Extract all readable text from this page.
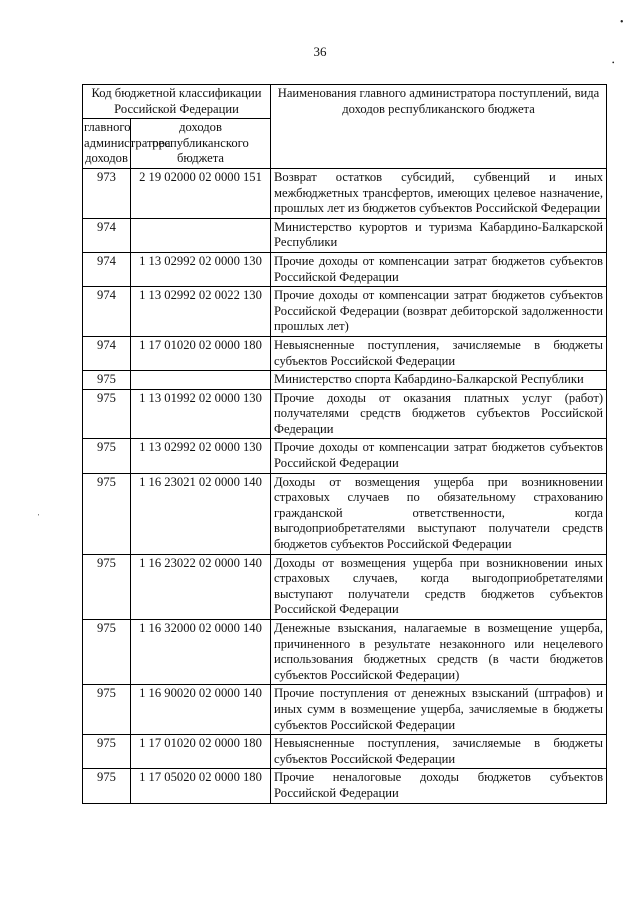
36
•
•
'
Код бюджетной классификации Российской Федерации		Наименования главного администратора поступлений, вида доходов республиканского бюджета
главного администратора доходов	доходов республиканского бюджета	
973	2 19 02000 02 0000 151	Возврат остатков субсидий, субвенций и иных межбюджетных трансфертов, имеющих целевое назначение, прошлых лет из бюджетов субъектов Российской Федерации
974		Министерство курортов и туризма Кабардино-Балкарской Республики
974	1 13 02992 02 0000 130	Прочие доходы от компенсации затрат бюджетов субъектов Российской Федерации
974	1 13 02992 02 0022 130	Прочие доходы от компенсации затрат бюджетов субъектов Российской Федерации (возврат дебиторской задолженности прошлых лет)
974	1 17 01020 02 0000 180	Невыясненные поступления, зачисляемые в бюджеты субъектов Российской Федерации
975		Министерство спорта Кабардино-Балкарской Республики
975	1 13 01992 02 0000 130	Прочие доходы от оказания платных услуг (работ) получателями средств бюджетов субъектов Российской Федерации
975	1 13 02992 02 0000 130	Прочие доходы от компенсации затрат бюджетов субъектов Российской Федерации
975	1 16 23021 02 0000 140	Доходы от возмещения ущерба при возникновении страховых случаев по обязательному страхованию гражданской ответственности, когда выгодоприобретателями выступают получатели средств бюджетов субъектов Российской Федерации
975	1 16 23022 02 0000 140	Доходы от возмещения ущерба при возникновении иных страховых случаев, когда выгодоприобретателями выступают получатели средств бюджетов субъектов Российской Федерации
975	1 16 32000 02 0000 140	Денежные взыскания, налагаемые в возмещение ущерба, причиненного в результате незаконного или нецелевого использования бюджетных средств (в части бюджетов субъектов Российской Федерации)
975	1 16 90020 02 0000 140	Прочие поступления от денежных взысканий (штрафов) и иных сумм в возмещение ущерба, зачисляемые в бюджеты субъектов Российской Федерации
975	1 17 01020 02 0000 180	Невыясненные поступления, зачисляемые в бюджеты субъектов Российской Федерации
975	1 17 05020 02 0000 180	Прочие неналоговые доходы бюджетов субъектов Российской Федерации
